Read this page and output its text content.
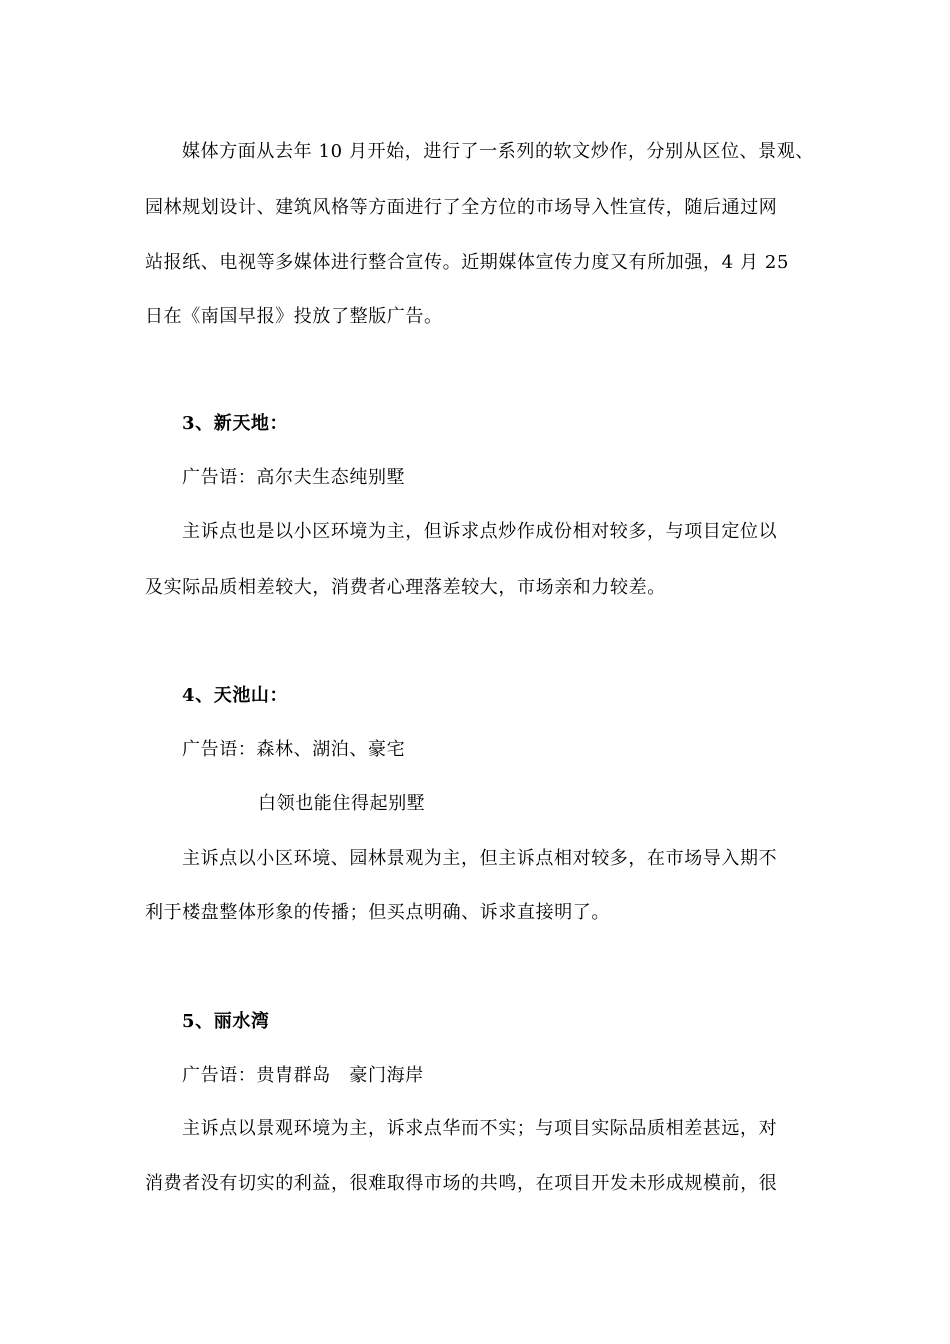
媒体方面从去年 10 月开始，进行了一系列的软文炒作，分别从区位、景观、
园林规划设计、建筑风格等方面进行了全方位的市场导入性宣传，随后通过网
站报纸、电视等多媒体进行整合宣传。近期媒体宣传力度又有所加强，4 月 25
日在《南国早报》投放了整版广告。
3、新天地：
广告语：高尔夫生态纯别墅
主诉点也是以小区环境为主，但诉求点炒作成份相对较多，与项目定位以
及实际品质相差较大，消费者心理落差较大，市场亲和力较差。
4、天池山：
广告语：森林、湖泊、豪宅
白领也能住得起别墅
主诉点以小区环境、园林景观为主，但主诉点相对较多，在市场导入期不
利于楼盘整体形象的传播；但买点明确、诉求直接明了。
5、丽水湾
广告语：贵胄群岛　豪门海岸
主诉点以景观环境为主，诉求点华而不实；与项目实际品质相差甚远，对
消费者没有切实的利益，很难取得市场的共鸣，在项目开发未形成规模前，很
